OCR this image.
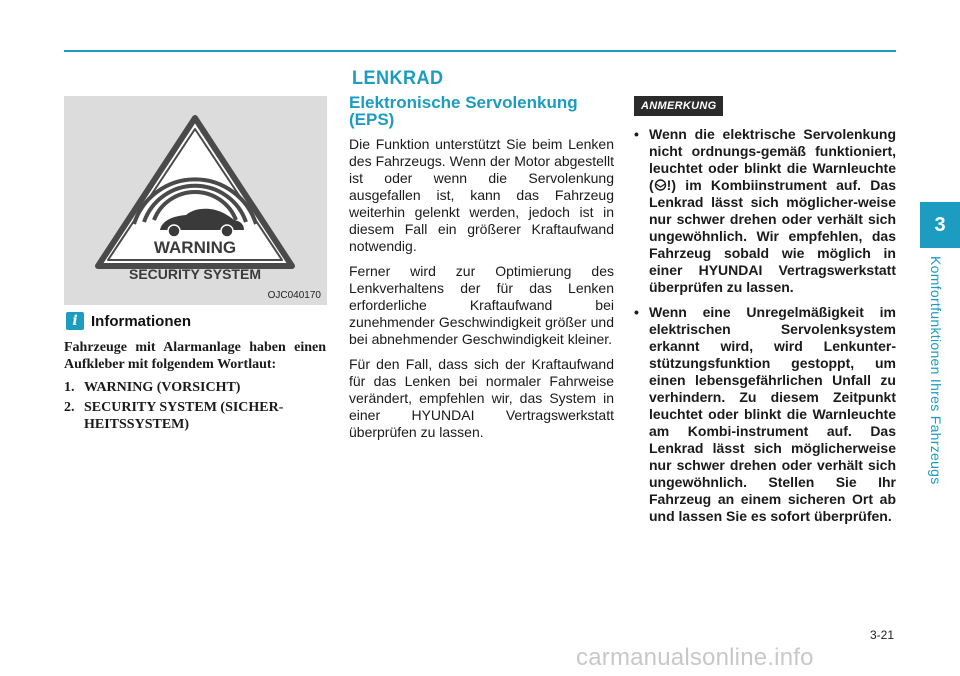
LENKRAD
3
Komfortfunktionen Ihres Fahrzeugs
WARNING
SECURITY SYSTEM
OJC040170
i Informationen

Fahrzeuge mit Alarmanlage haben einen Aufkleber mit folgendem Wortlaut:

1. WARNING (VORSICHT)
2. SECURITY SYSTEM (SICHER-HEITSSYSTEM)
Elektronische Servolenkung (EPS)

Die Funktion unterstützt Sie beim Lenken des Fahrzeugs. Wenn der Motor abgestellt ist oder wenn die Servolenkung ausgefallen ist, kann das Fahrzeug weiterhin gelenkt werden, jedoch ist in diesem Fall ein größerer Kraftaufwand notwendig.

Ferner wird zur Optimierung des Lenkverhaltens der für das Lenken erforderliche Kraftaufwand bei zunehmender Geschwindigkeit größer und bei abnehmender Geschwindigkeit kleiner.

Für den Fall, dass sich der Kraftaufwand für das Lenken bei normaler Fahrweise verändert, empfehlen wir, das System in einer HYUNDAI Vertragswerkstatt überprüfen zu lassen.

ANMERKUNG
• Wenn die elektrische Servolenkung nicht ordnungs-gemäß funktioniert, leuchtet oder blinkt die Warnleuchte ( !) im Kombiinstrument auf. Das Lenkrad lässt sich möglicher-weise nur schwer drehen oder verhält sich ungewöhnlich. Wir empfehlen, das Fahrzeug sobald wie möglich in einer HYUNDAI Vertragswerkstatt überprüfen zu lassen.
• Wenn eine Unregelmäßigkeit im elektrischen Servolenksystem erkannt wird, wird Lenkunter-stützungsfunktion gestoppt, um einen lebensgefährlichen Unfall zu verhindern. Zu diesem Zeitpunkt leuchtet oder blinkt die Warnleuchte am Kombi-instrument auf. Das Lenkrad lässt sich möglicherweise nur schwer drehen oder verhält sich ungewöhnlich. Stellen Sie Ihr Fahrzeug an einem sicheren Ort ab und lassen Sie es sofort überprüfen.
3-21
carmanualsonline.info
